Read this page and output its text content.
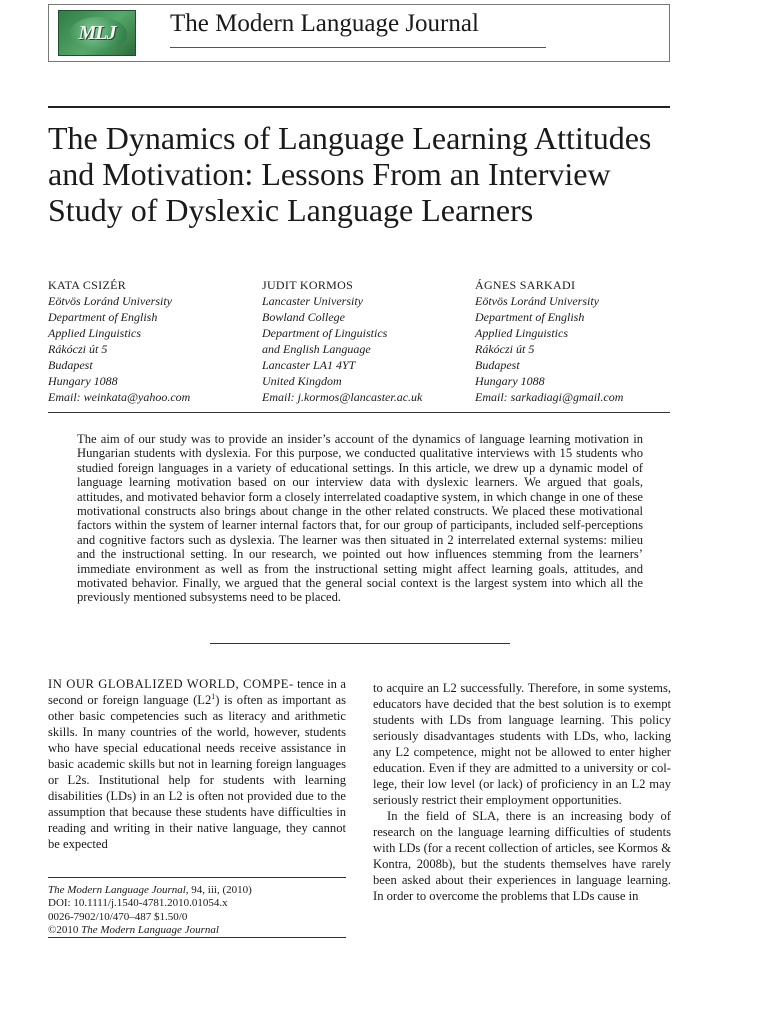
MLJ	The Modern Language Journal
The Dynamics of Language Learning Attitudes and Motivation: Lessons From an Interview Study of Dyslexic Language Learners
KATA CSIZÉR
Eötvös Loránd University
Department of English
Applied Linguistics
Rákóczi út 5
Budapest
Hungary 1088
Email: weinkata@yahoo.com
JUDIT KORMOS
Lancaster University
Bowland College
Department of Linguistics
and English Language
Lancaster LA1 4YT
United Kingdom
Email: j.kormos@lancaster.ac.uk
ÁGNES SARKADI
Eötvös Loránd University
Department of English
Applied Linguistics
Rákóczi út 5
Budapest
Hungary 1088
Email: sarkadiagi@gmail.com
The aim of our study was to provide an insider’s account of the dynamics of language learning motivation in Hungarian students with dyslexia. For this purpose, we conducted qualitative interviews with 15 students who studied foreign languages in a variety of educational settings. In this article, we drew up a dynamic model of language learning motivation based on our interview data with dyslexic learners. We argued that goals, attitudes, and motivated behavior form a closely interrelated coadaptive system, in which change in one of these motivational constructs also brings about change in the other related constructs. We placed these motivational factors within the system of learner internal factors that, for our group of participants, included self-perceptions and cognitive factors such as dyslexia. The learner was then situated in 2 interrelated external systems: milieu and the instructional setting. In our research, we pointed out how influences stemming from the learners’ immediate environment as well as from the instructional setting might affect learning goals, attitudes, and motivated behavior. Finally, we argued that the general social context is the largest system into which all the previously mentioned subsystems need to be placed.

IN OUR GLOBALIZED WORLD, COMPE- tence in a second or foreign language $(L2^1)$ is often as important as other basic competencies such as literacy and arithmetic skills. In many countries of the world, however, students who have special educational needs receive assistance in basic academic skills but not in learning foreign languages or L2s. Institutional help for students with learning disabilities (LDs) in an L2 is often not provided due to the assumption that because these students have difficulties in reading and writing in their native language, they cannot be expected

to acquire an L2 successfully. Therefore, in some systems, educators have decided that the best solution is to exempt students with LDs from language learning. This policy seriously disadvantages students with LDs, who, lacking any L2 competence, might not be allowed to enter higher education. Even if they are admitted to a university or college, their low level (or lack) of proficiency in an L2 may seriously restrict their employment opportunities.

In the field of SLA, there is an increasing body of research on the language learning difficulties of students with LDs (for a recent collection of articles, see Kormos & Kontra, 2008b), but the students themselves have rarely been asked about their experiences in language learning. In order to overcome the problems that LDs cause in

The Modern Language Journal, 94, iii, (2010)
DOI: 10.1111/j.1540-4781.2010.01054.x
0026-7902/10/470–487 $1.50/0
©2010 The Modern Language Journal
